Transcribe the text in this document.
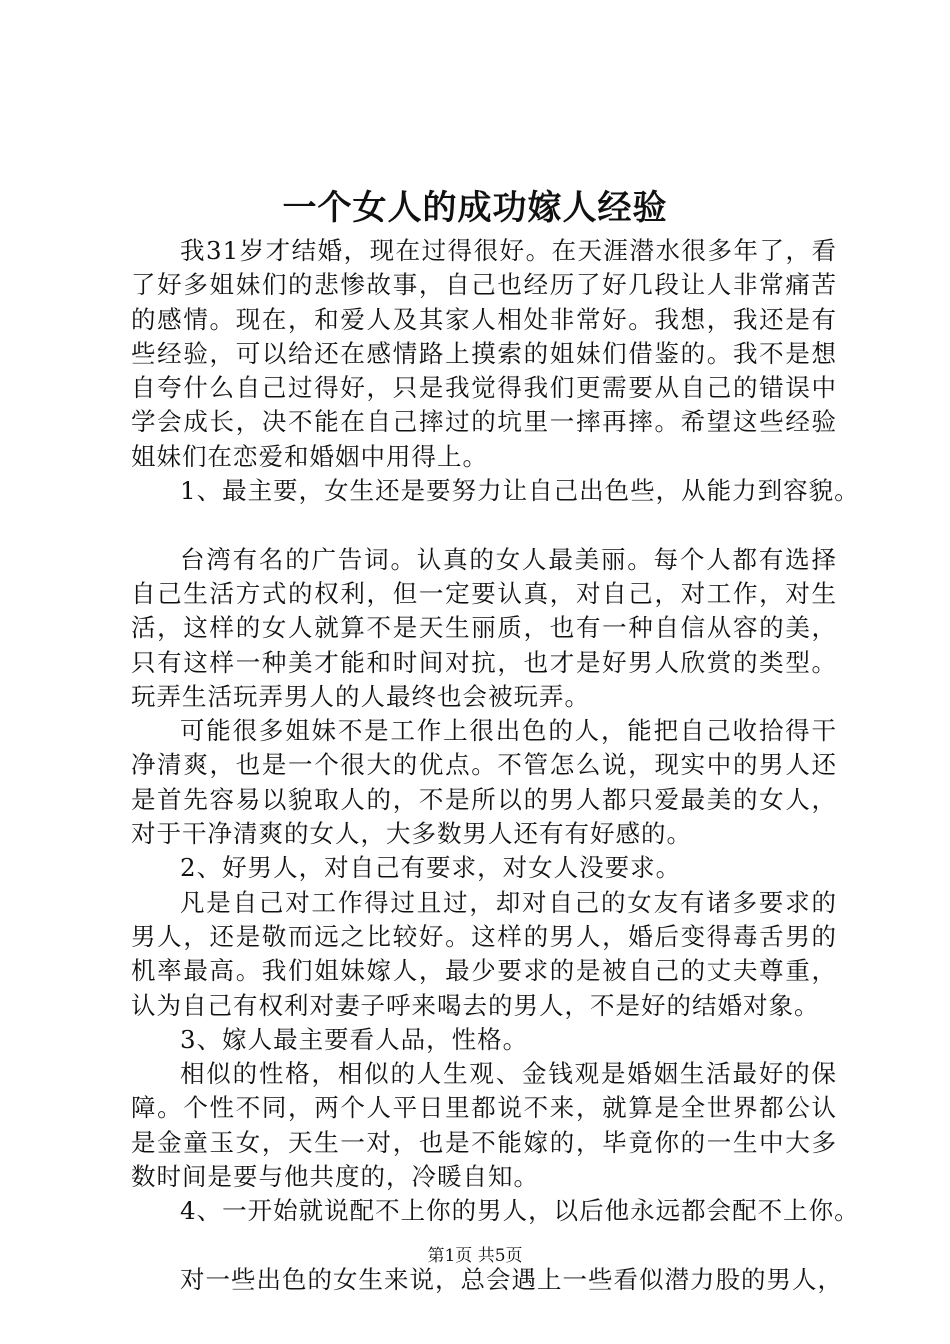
一个女人的成功嫁人经验

我31岁才结婚，现在过得很好。在天涯潜水很多年了，看了好多姐妹们的悲惨故事，自己也经历了好几段让人非常痛苦的感情。现在，和爱人及其家人相处非常好。我想，我还是有些经验，可以给还在感情路上摸索的姐妹们借鉴的。我不是想自夸什么自己过得好，只是我觉得我们更需要从自己的错误中学会成长，决不能在自己摔过的坑里一摔再摔。希望这些经验姐妹们在恋爱和婚姻中用得上。

1、最主要，女生还是要努力让自己出色些，从能力到容貌。

台湾有名的广告词。认真的女人最美丽。每个人都有选择自己生活方式的权利，但一定要认真，对自己，对工作，对生活，这样的女人就算不是天生丽质，也有一种自信从容的美，只有这样一种美才能和时间对抗，也才是好男人欣赏的类型。玩弄生活玩弄男人的人最终也会被玩弄。

可能很多姐妹不是工作上很出色的人，能把自己收拾得干净清爽，也是一个很大的优点。不管怎么说，现实中的男人还是首先容易以貌取人的，不是所以的男人都只爱最美的女人，对于干净清爽的女人，大多数男人还有有好感的。

2、好男人，对自己有要求，对女人没要求。

凡是自己对工作得过且过，却对自己的女友有诸多要求的男人，还是敬而远之比较好。这样的男人，婚后变得毒舌男的机率最高。我们姐妹嫁人，最少要求的是被自己的丈夫尊重，认为自己有权利对妻子呼来喝去的男人，不是好的结婚对象。

3、嫁人最主要看人品，性格。

相似的性格，相似的人生观、金钱观是婚姻生活最好的保障。个性不同，两个人平日里都说不来，就算是全世界都公认是金童玉女，天生一对，也是不能嫁的，毕竟你的一生中大多数时间是要与他共度的，冷暖自知。

4、一开始就说配不上你的男人，以后他永远都会配不上你。

对一些出色的女生来说，总会遇上一些看似潜力股的男人，

第1页 共5页
